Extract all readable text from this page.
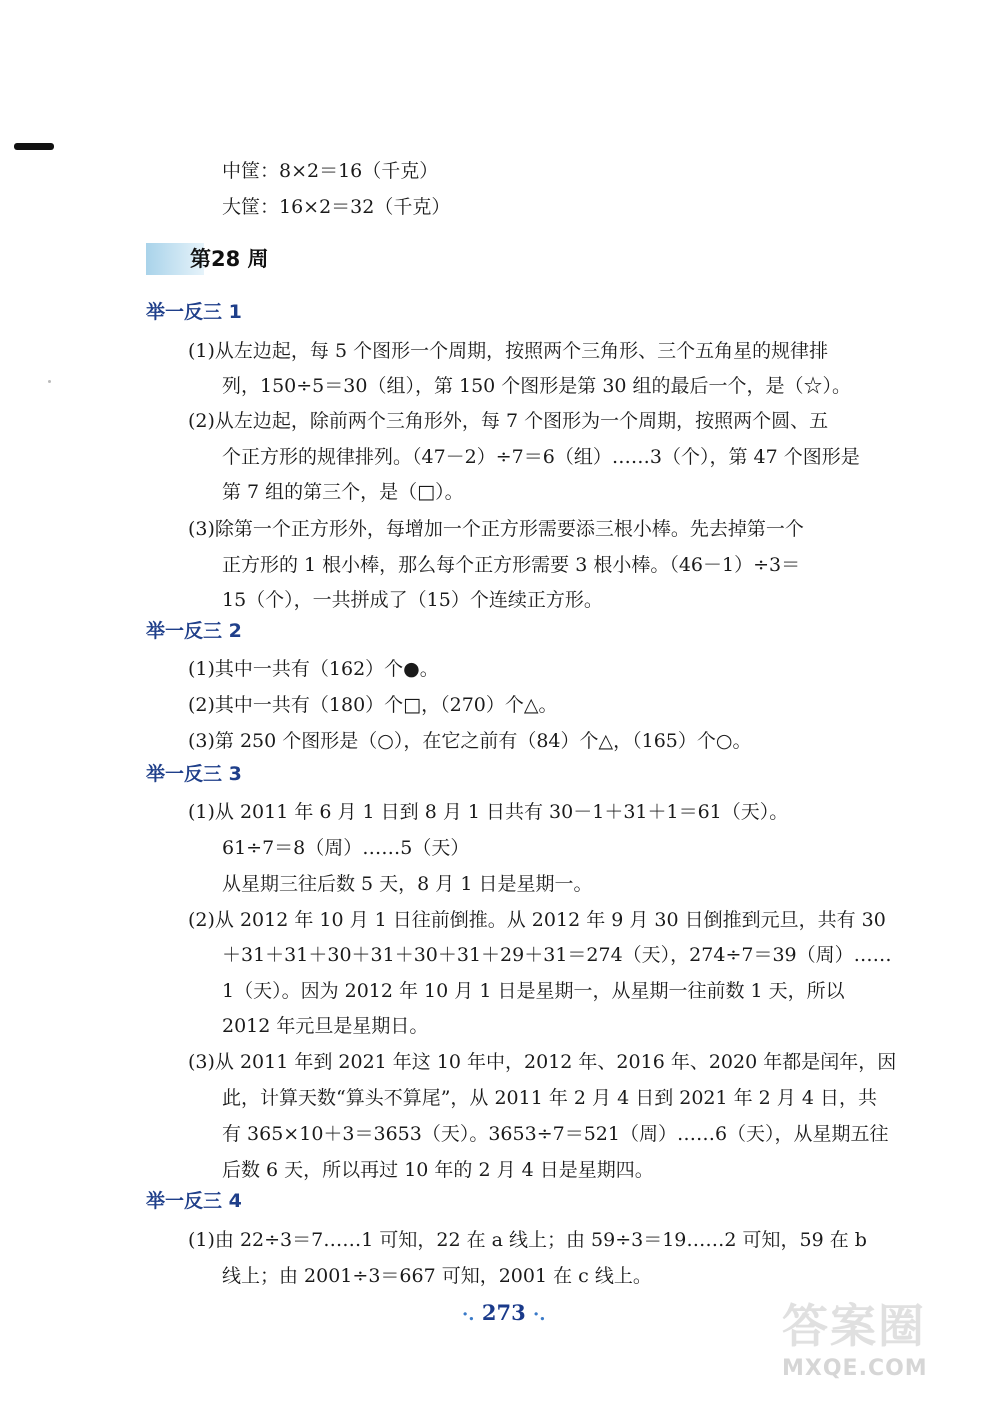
中筐：8×2＝16（千克）
大筐：16×2＝32（千克）
第28 周
举一反三 1
(1)从左边起，每 5 个图形一个周期，按照两个三角形、三个五角星的规律排
列，150÷5＝30（组），第 150 个图形是第 30 组的最后一个，是（☆）。
(2)从左边起，除前两个三角形外，每 7 个图形为一个周期，按照两个圆、五
个正方形的规律排列。（47－2）÷7＝6（组）……3（个），第 47 个图形是
第 7 组的第三个，是（□）。
(3)除第一个正方形外，每增加一个正方形需要添三根小棒。先去掉第一个
正方形的 1 根小棒，那么每个正方形需要 3 根小棒。（46－1）÷3＝
15（个），一共拼成了（15）个连续正方形。
举一反三 2
(1)其中一共有（162）个●。
(2)其中一共有（180）个□，（270）个△。
(3)第 250 个图形是（○），在它之前有（84）个△，（165）个○。
举一反三 3
(1)从 2011 年 6 月 1 日到 8 月 1 日共有 30－1＋31＋1＝61（天）。
61÷7＝8（周）……5（天）
从星期三往后数 5 天，8 月 1 日是星期一。
(2)从 2012 年 10 月 1 日往前倒推。从 2012 年 9 月 30 日倒推到元旦，共有 30
＋31＋31＋30＋31＋30＋31＋29＋31＝274（天），274÷7＝39（周）……
1（天）。因为 2012 年 10 月 1 日是星期一，从星期一往前数 1 天，所以
2012 年元旦是星期日。
(3)从 2011 年到 2021 年这 10 年中，2012 年、2016 年、2020 年都是闰年，因
此，计算天数“算头不算尾”，从 2011 年 2 月 4 日到 2021 年 2 月 4 日，共
有 365×10＋3＝3653（天）。3653÷7＝521（周）……6（天），从星期五往
后数 6 天，所以再过 10 年的 2 月 4 日是星期四。
举一反三 4
(1)由 22÷3＝7……1 可知，22 在 a 线上；由 59÷3＝19……2 可知，59 在 b
线上；由 2001÷3＝667 可知，2001 在 c 线上。
·. 273 ·.	答案圈
MXQE.COM
